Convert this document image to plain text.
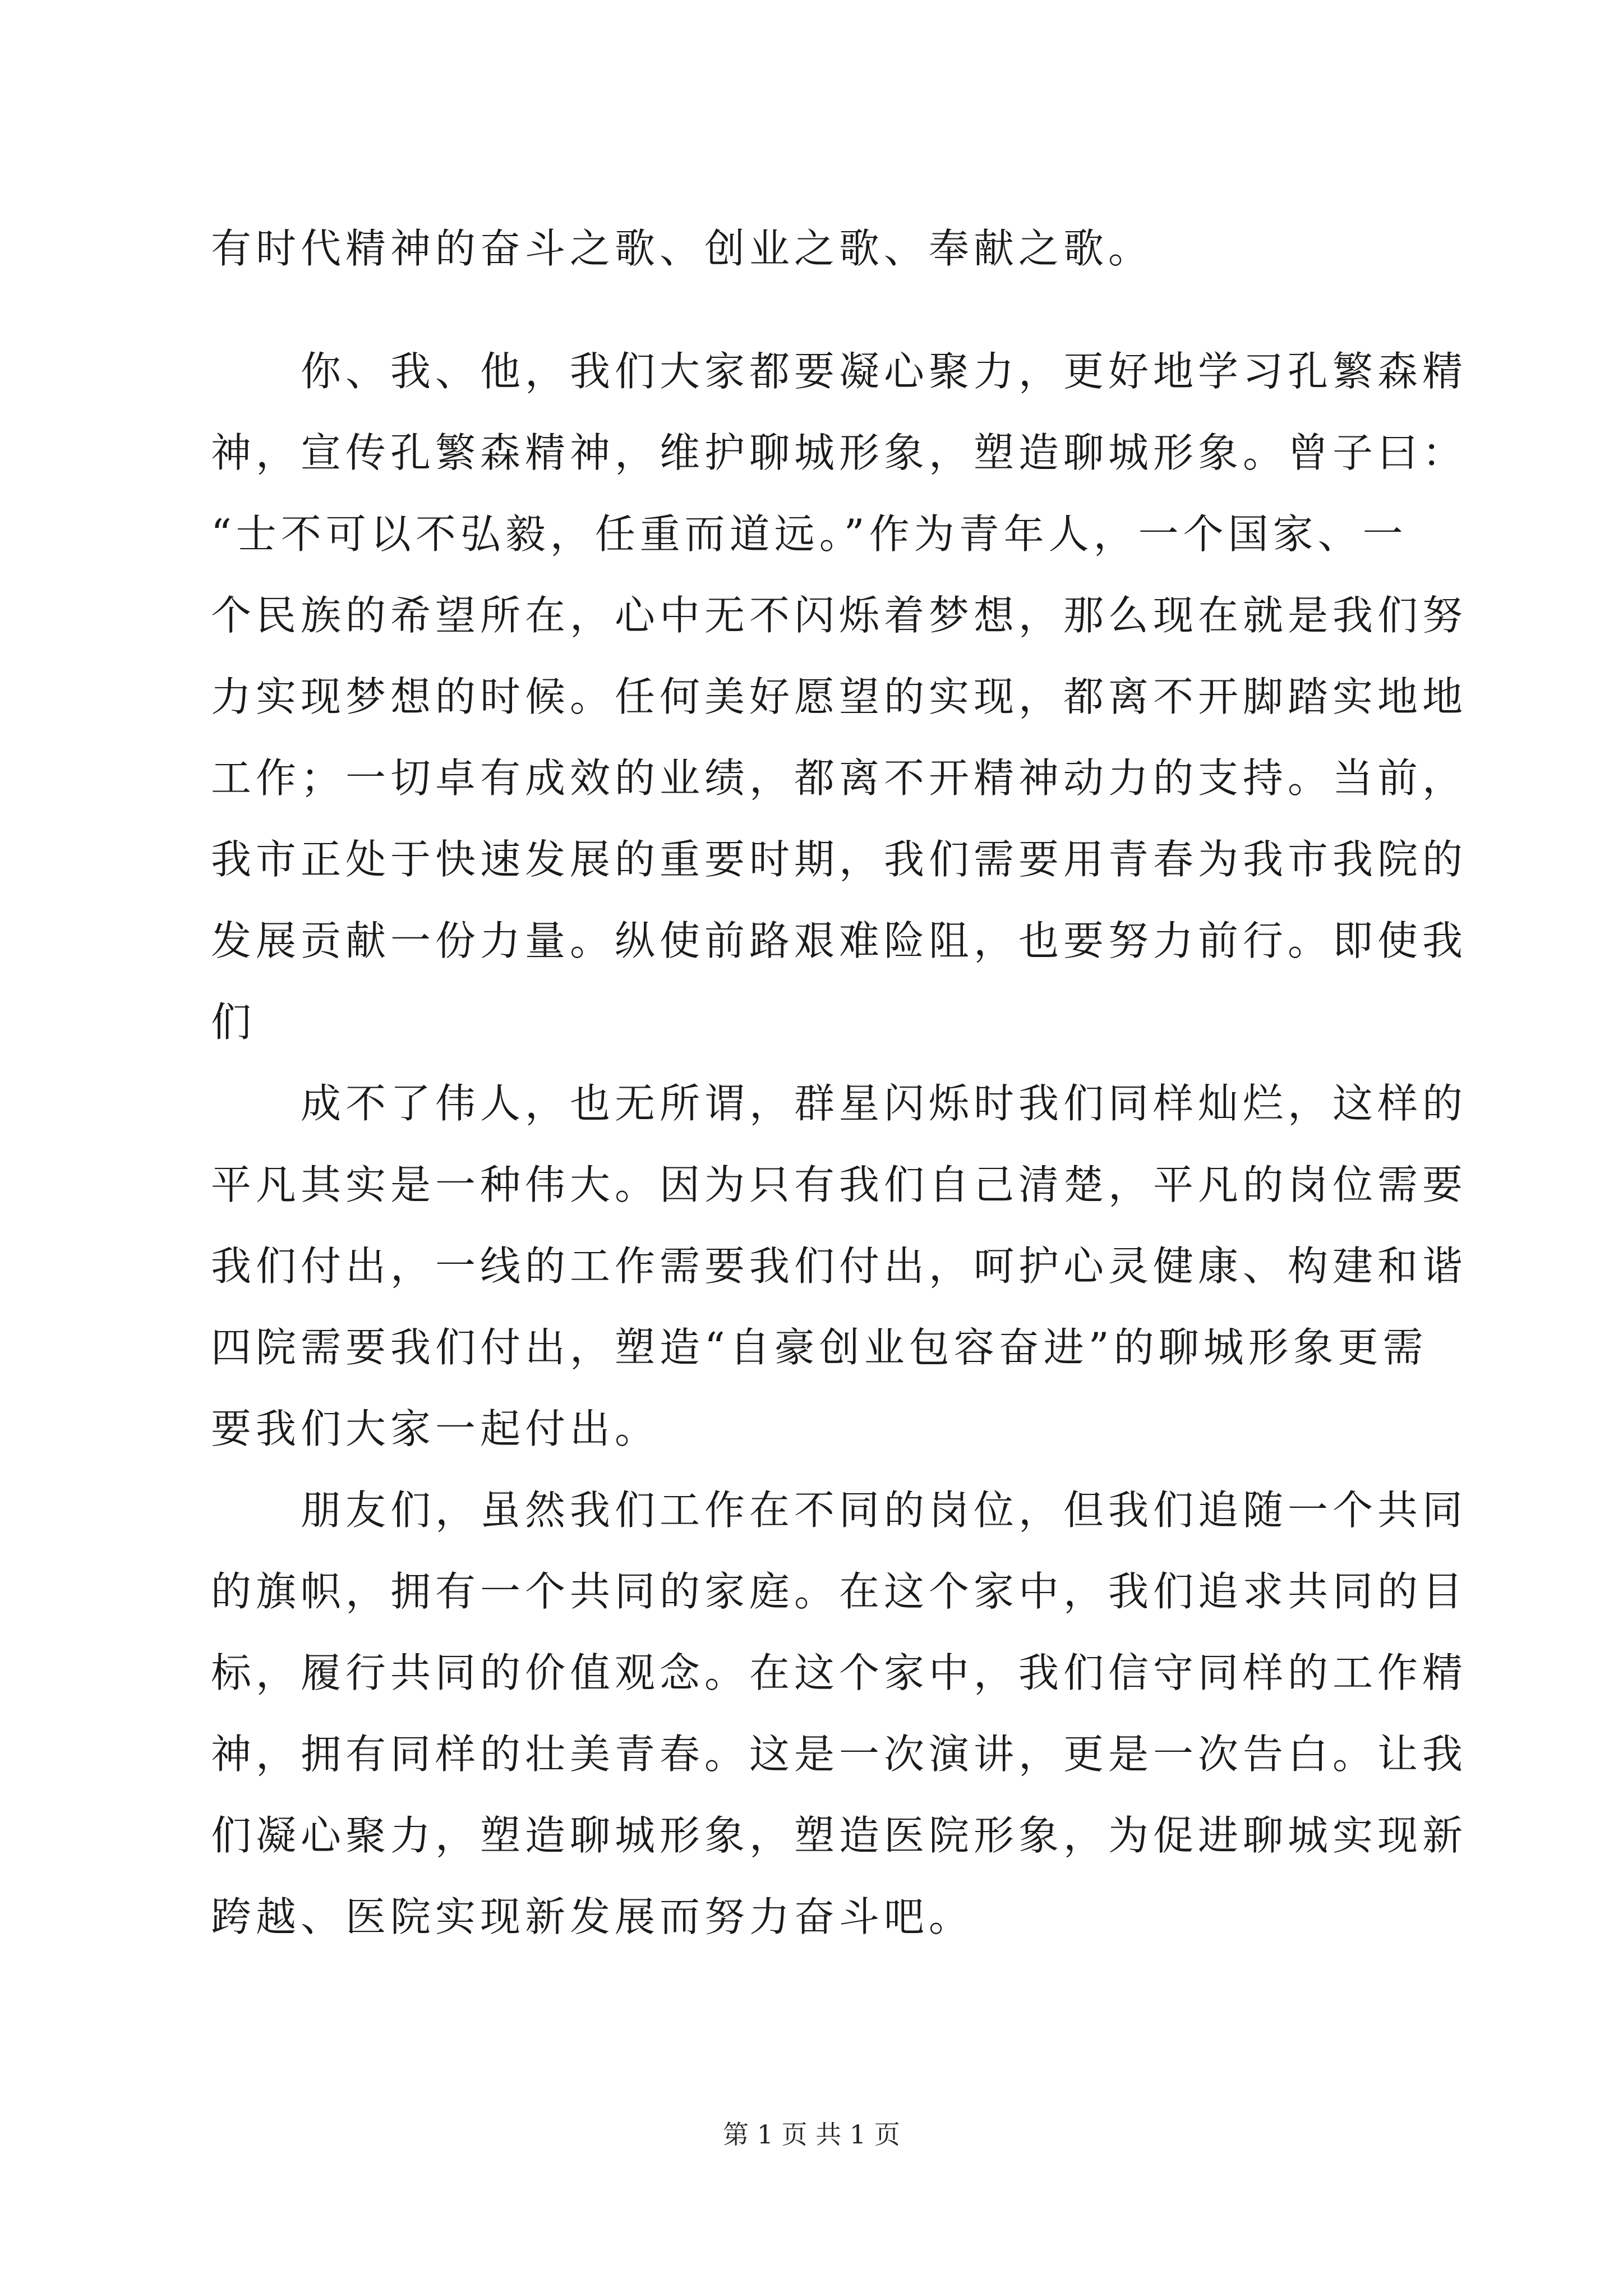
有时代精神的奋斗之歌、创业之歌、奉献之歌。

　　你、我、他，我们大家都要凝心聚力，更好地学习孔繁森精

神，宣传孔繁森精神，维护聊城形象，塑造聊城形象。曾子曰：

“士不可以不弘毅，任重而道远。”作为青年人，一个国家、一

个民族的希望所在，心中无不闪烁着梦想，那么现在就是我们努

力实现梦想的时候。任何美好愿望的实现，都离不开脚踏实地地

工作；一切卓有成效的业绩，都离不开精神动力的支持。当前，

我市正处于快速发展的重要时期，我们需要用青春为我市我院的

发展贡献一份力量。纵使前路艰难险阻，也要努力前行。即使我

们

　　成不了伟人，也无所谓，群星闪烁时我们同样灿烂，这样的

平凡其实是一种伟大。因为只有我们自己清楚，平凡的岗位需要

我们付出，一线的工作需要我们付出，呵护心灵健康、构建和谐

四院需要我们付出，塑造“自豪创业包容奋进”的聊城形象更需

要我们大家一起付出。

　　朋友们，虽然我们工作在不同的岗位，但我们追随一个共同

的旗帜，拥有一个共同的家庭。在这个家中，我们追求共同的目

标，履行共同的价值观念。在这个家中，我们信守同样的工作精

神，拥有同样的壮美青春。这是一次演讲，更是一次告白。让我

们凝心聚力，塑造聊城形象，塑造医院形象，为促进聊城实现新

跨越、医院实现新发展而努力奋斗吧。

第 1 页 共 1 页
